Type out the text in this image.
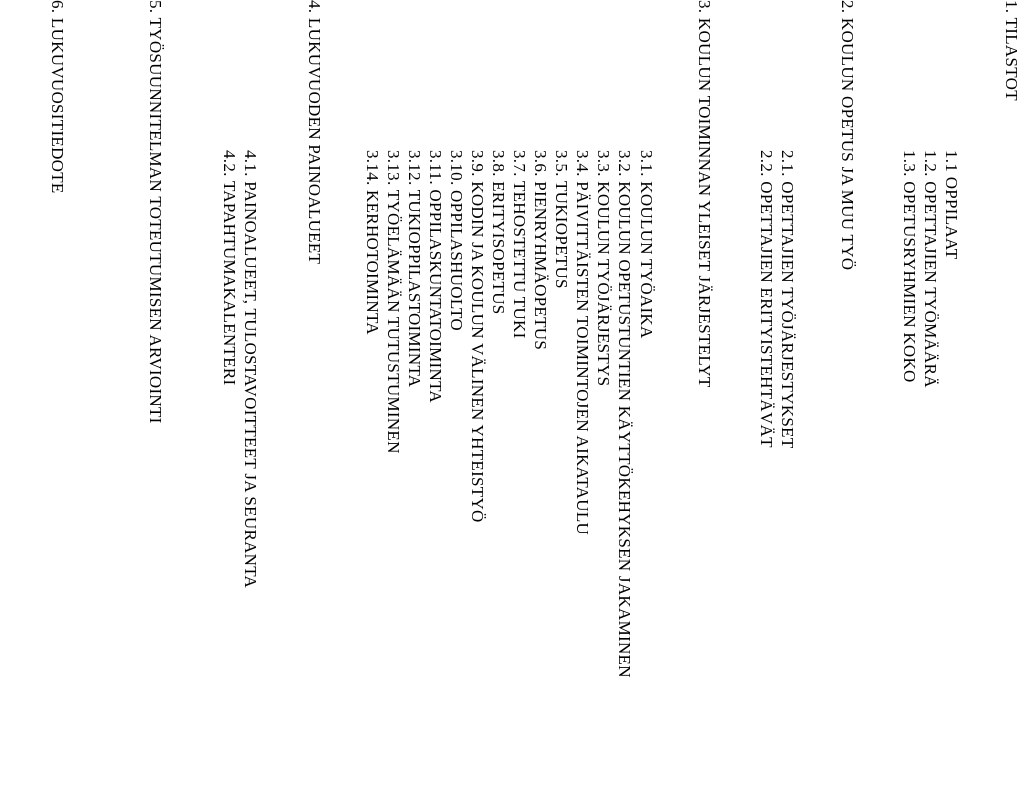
1. TILASTOT
1.1 OPPILAAT
1.2. OPETTAJIEN TYÖMÄÄRÄ
1.3. OPETUSRYHMIEN KOKO
2. KOULUN OPETUS JA MUU TYÖ
2.1. OPETTAJIEN TYÖJÄRJESTYKSET
2.2. OPETTAJIEN ERITYISTEHTÄVÄT
3. KOULUN TOIMINNAN YLEISET JÄRJESTELYT
3.1. KOULUN TYÖAIKA
3.2. KOULUN OPETUSTUNTIEN KÄYTTÖKEHYKSEN JAKAMINEN
3.3. KOULUN TYÖJÄRJESTYS
3.4. PÄIVITTÄISTEN TOIMINTOJEN AIKATAULU
3.5. TUKIOPETUS
3.6. PIENRYHMÄOPETUS
3.7. TEHOSTETTU TUKI
3.8. ERITYISOPETUS
3.9. KODIN JA KOULUN VÄLINEN YHTEISTYÖ
3.10. OPPILASHUOLTO
3.11. OPPILASKUNTATOIMINTA
3.12. TUKIOPPILASTOIMINTA
3.13. TYÖELÄMÄÄN TUTUSTUMINEN
3.14. KERHOTOIMINTA
4. LUKUVUODEN PAINOALUEET
4.1. PAINOALUEET, TULOSTAVOITTEET JA SEURANTA
4.2. TAPAHTUMAKALENTERI
5. TYÖSUUNNITELMAN TOTEUTUMISEN ARVIOINTI
6. LUKUVUOSITIEDOTE
